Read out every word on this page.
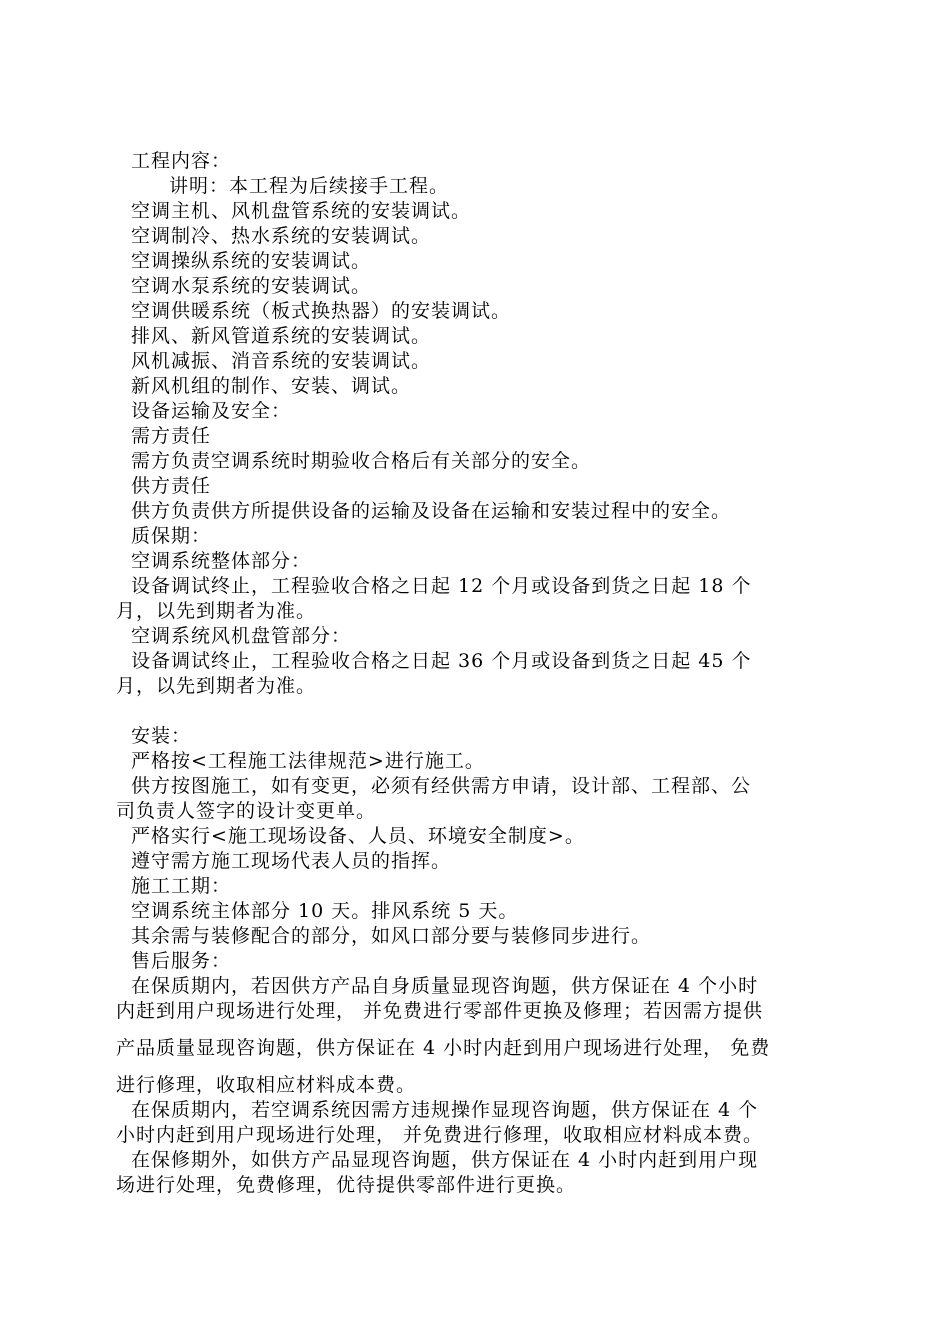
工程内容：
讲明：本工程为后续接手工程。
空调主机、风机盘管系统的安装调试。
空调制冷、热水系统的安装调试。
空调操纵系统的安装调试。
空调水泵系统的安装调试。
空调供暖系统（板式换热器）的安装调试。
排风、新风管道系统的安装调试。
风机减振、消音系统的安装调试。
新风机组的制作、安装、调试。
设备运输及安全：
需方责任
需方负责空调系统时期验收合格后有关部分的安全。
供方责任
供方负责供方所提供设备的运输及设备在运输和安装过程中的安全。
质保期：
空调系统整体部分：
设备调试终止，工程验收合格之日起 12 个月或设备到货之日起 18 个
月，以先到期者为准。
空调系统风机盘管部分：
设备调试终止，工程验收合格之日起 36 个月或设备到货之日起 45 个
月，以先到期者为准。
安装：
严格按<工程施工法律规范>进行施工。
供方按图施工，如有变更，必须有经供需方申请，设计部、工程部、公
司负责人签字的设计变更单。
严格实行<施工现场设备、人员、环境安全制度>。
遵守需方施工现场代表人员的指挥。
施工工期：
空调系统主体部分 10 天。排风系统 5 天。
其余需与装修配合的部分，如风口部分要与装修同步进行。
售后服务：
在保质期内，若因供方产品自身质量显现咨询题，供方保证在 4 个小时
内赶到用户现场进行处理， 并免费进行零部件更换及修理；若因需方提供
产品质量显现咨询题，供方保证在 4 小时内赶到用户现场进行处理， 免费
进行修理，收取相应材料成本费。
在保质期内，若空调系统因需方违规操作显现咨询题，供方保证在 4 个
小时内赶到用户现场进行处理， 并免费进行修理，收取相应材料成本费。
在保修期外，如供方产品显现咨询题，供方保证在 4 小时内赶到用户现
场进行处理，免费修理，优待提供零部件进行更换。
